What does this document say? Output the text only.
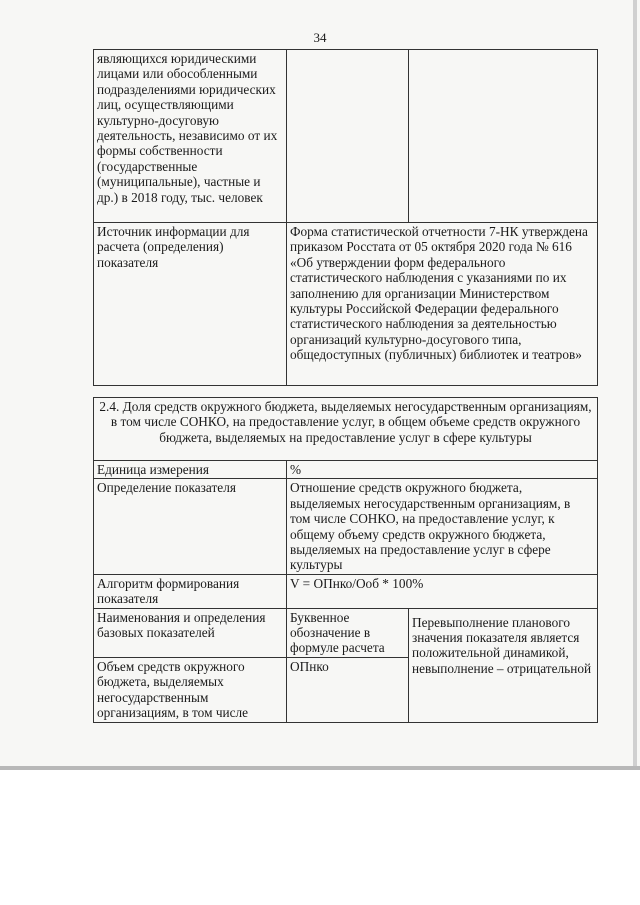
34
являющихся юридическими лицами или обособленными подразделениями юридических лиц, осуществляющими культурно-досуговую деятельность, независимо от их формы собственности (государственные (муниципальные), частные и др.) в 2018 году, тыс. человек		
Источник информации для расчета (определения) показателя	Форма статистической отчетности 7-НК утверждена приказом Росстата от 05 октября 2020 года № 616 «Об утверждении форм федерального статистического наблюдения с указаниями по их заполнению для организации Министерством культуры Российской Федерации федерального статистического наблюдения за деятельностью организаций культурно-досугового типа, общедоступных (публичных) библиотек и театров»	
2.4. Доля средств окружного бюджета, выделяемых негосударственным организациям, в том числе СОНКО, на предоставление услуг, в общем объеме средств окружного бюджета, выделяемых на предоставление услуг в сфере культуры		
Единица измерения	%	
Определение показателя	Отношение средств окружного бюджета, выделяемых негосударственным организациям, в том числе СОНКО, на предоставление услуг, к общему объему средств окружного бюджета, выделяемых на предоставление услуг в сфере культуры	
Алгоритм формирования показателя	V = ОПнко/Ооб * 100%	
Наименования и определения базовых показателей	Буквенное обозначение в формуле расчета	Перевыполнение планового значения показателя является положительной динамикой, невыполнение – отрицательной
Объем средств окружного бюджета, выделяемых негосударственным организациям, в том числе	ОПнко	
